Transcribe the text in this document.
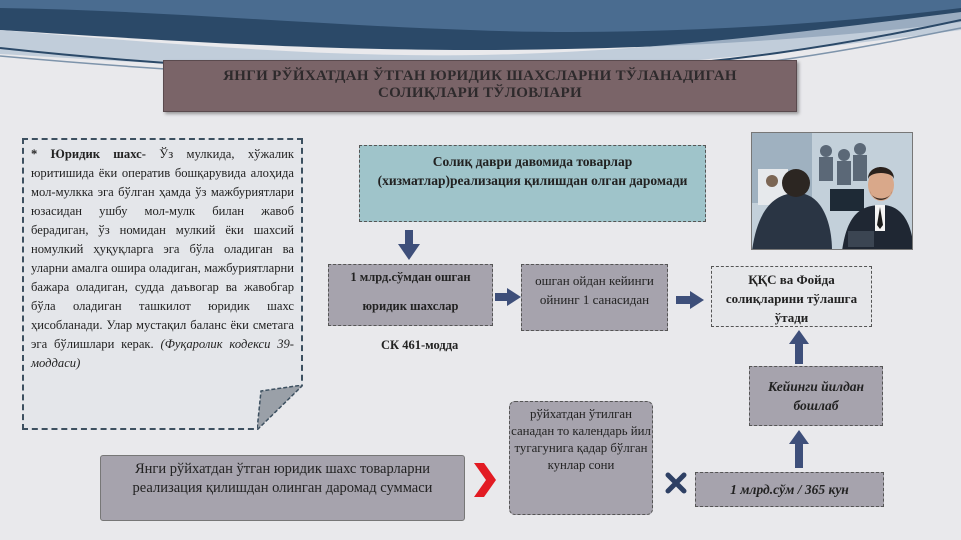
ЯНГИ РЎЙХАТДАН ЎТГАН ЮРИДИК ШАХСЛАРНИ ТЎЛАНАДИГАН
СОЛИҚЛАРИ ТЎЛОВЛАРИ
* Юридик шахс- Ўз мулкида, хўжалик юритишида ёки оператив бошқарувида алоҳида мол-мулкка эга бўлган ҳамда ўз мажбуриятлари юзасидан ушбу мол-мулк билан жавоб берадиган, ўз номидан мулкий ёки шахсий номулкий ҳуқуқларга эга бўла оладиган ва уларни амалга ошира оладиган, мажбуриятларни бажара оладиган, судда даъвогар ва жавобгар бўла оладиган ташкилот юридик шахс ҳисобланади. Улар мустақил баланс ёки сметага эга бўлишлари керак. (Фуқаролик кодекси 39-моддаси)
Солиқ даври давомида товарлар (хизматлар)реализация қилишдан олган даромади
1 млрд.сўмдан ошган
юридик шахслар
СК 461-модда
ошган ойдан кейинги ойнинг 1 санасидан
ҚҚС ва Фойда солиқларини тўлашга ўтади
Кейинги йилдан бошлаб
1 млрд.сўм / 365 кун
рўйхатдан ўтилган санадан то календарь йил тугагунига қадар бўлган кунлар сони
Янги рўйхатдан ўтган юридик шахс товарларни реализация қилишдан олинган даромад суммаси
